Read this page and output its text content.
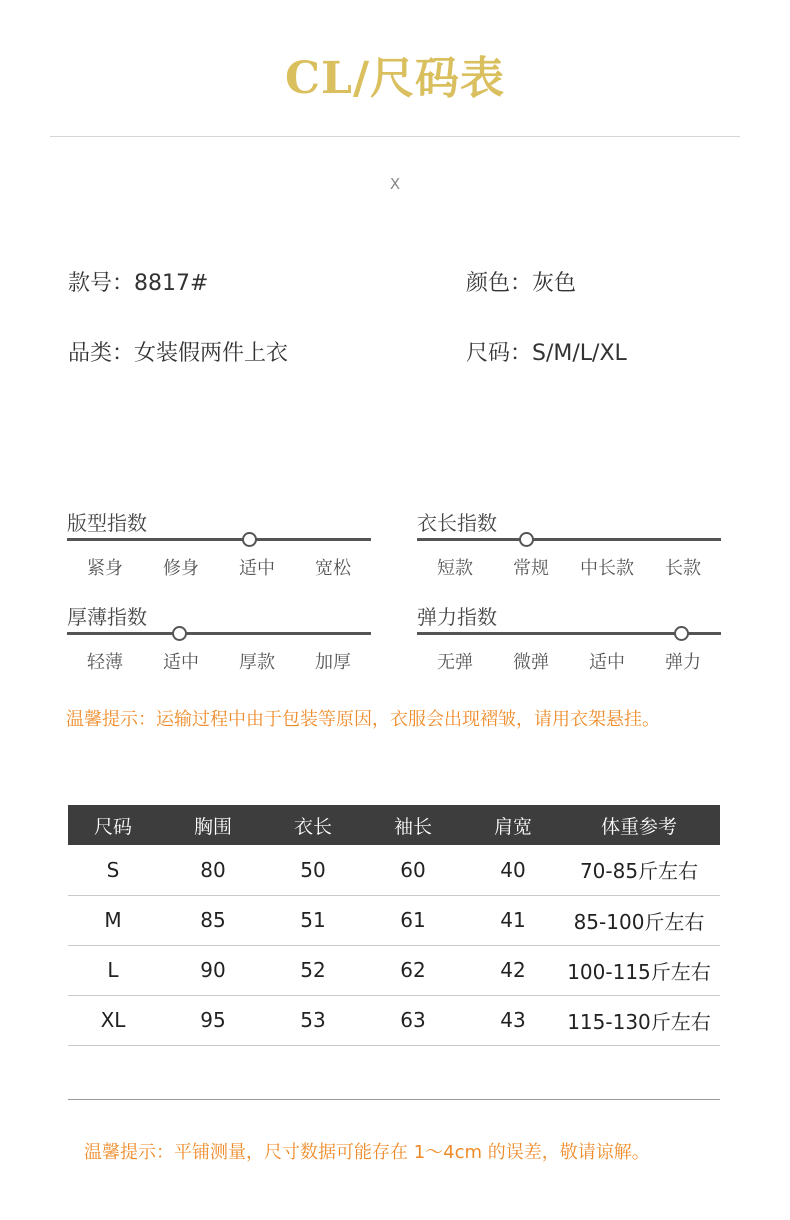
CL/尺码表
X
款号：8817#	颜色：灰色
品类：女装假两件上衣	尺码：S/M/L/XL
版型指数
紧身	修身	适中	宽松
衣长指数
短款	常规	中长款	长款
厚薄指数
轻薄	适中	厚款	加厚
弹力指数
无弹	微弹	适中	弹力
温馨提示：运输过程中由于包装等原因，衣服会出现褶皱，请用衣架悬挂。
尺码	胸围	衣长	袖长	肩宽	体重参考
S	80	50	60	40	70-85斤左右
M	85	51	61	41	85-100斤左右
L	90	52	62	42	100-115斤左右
XL	95	53	63	43	115-130斤左右
温馨提示：平铺测量，尺寸数据可能存在 1～4cm 的误差，敬请谅解。
